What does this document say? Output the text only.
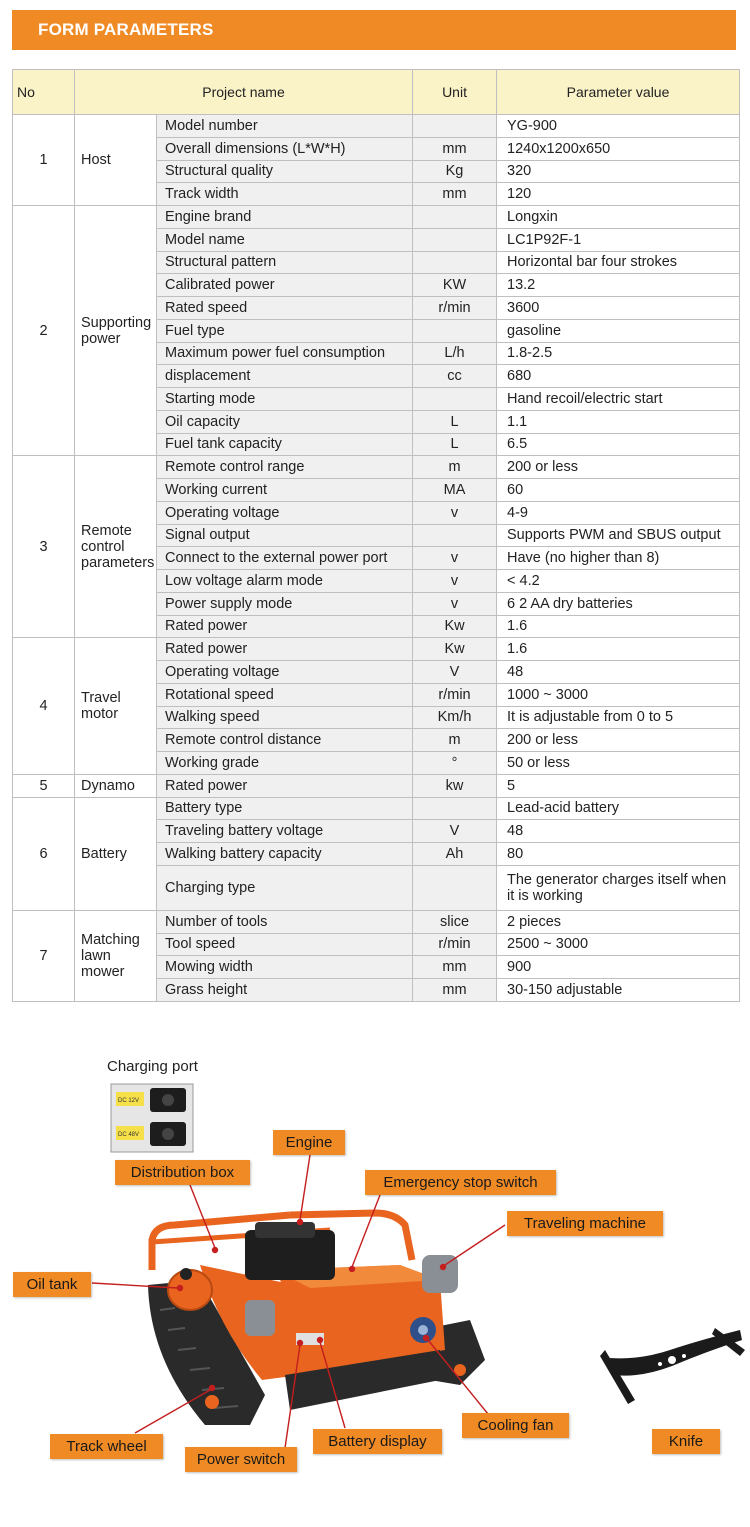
FORM PARAMETERS
No	Project name		Unit	Parameter value
1	Host	Model number		YG-900
		Overall dimensions (L*W*H)	mm	1240x1200x650
		Structural quality	Kg	320
		Track width	mm	120
2	Supporting power	Engine brand		Longxin
		Model name		LC1P92F-1
		Structural pattern		Horizontal bar four strokes
		Calibrated power	KW	13.2
		Rated speed	r/min	3600
		Fuel type		gasoline
		Maximum power fuel consumption	L/h	1.8-2.5
		displacement	cc	680
		Starting mode		Hand recoil/electric start
		Oil capacity	L	1.1
		Fuel tank capacity	L	6.5
3	Remote control parameters	Remote control range	m	200 or less
		Working current	MA	60
		Operating voltage	v	4-9
		Signal output		Supports PWM and SBUS output
		Connect to the external power port	v	Have (no higher than 8)
		Low voltage alarm mode	v	< 4.2
		Power supply mode	v	6 2 AA dry batteries
		Rated power	Kw	1.6
4	Travel motor	Rated power	Kw	1.6
		Operating voltage	V	48
		Rotational speed	r/min	1000 ~ 3000
		Walking speed	Km/h	It is adjustable from 0 to 5
		Remote control distance	m	200 or less
		Working grade	°	50 or less
5	Dynamo	Rated power	kw	5
6	Battery	Battery type		Lead-acid battery
		Traveling battery voltage	V	48
		Walking battery capacity	Ah	80
		Charging type		The generator charges itself when it is working
7	Matching lawn mower	Number of tools	slice	2 pieces
		Tool speed	r/min	2500 ~ 3000
		Mowing width	mm	900
		Grass height	mm	30-150 adjustable
DC 12V
DC 48V
Charging port
Engine
Distribution box
Emergency stop switch
Traveling machine
Oil tank
Track wheel
Power switch
Battery display
Cooling fan
Knife
